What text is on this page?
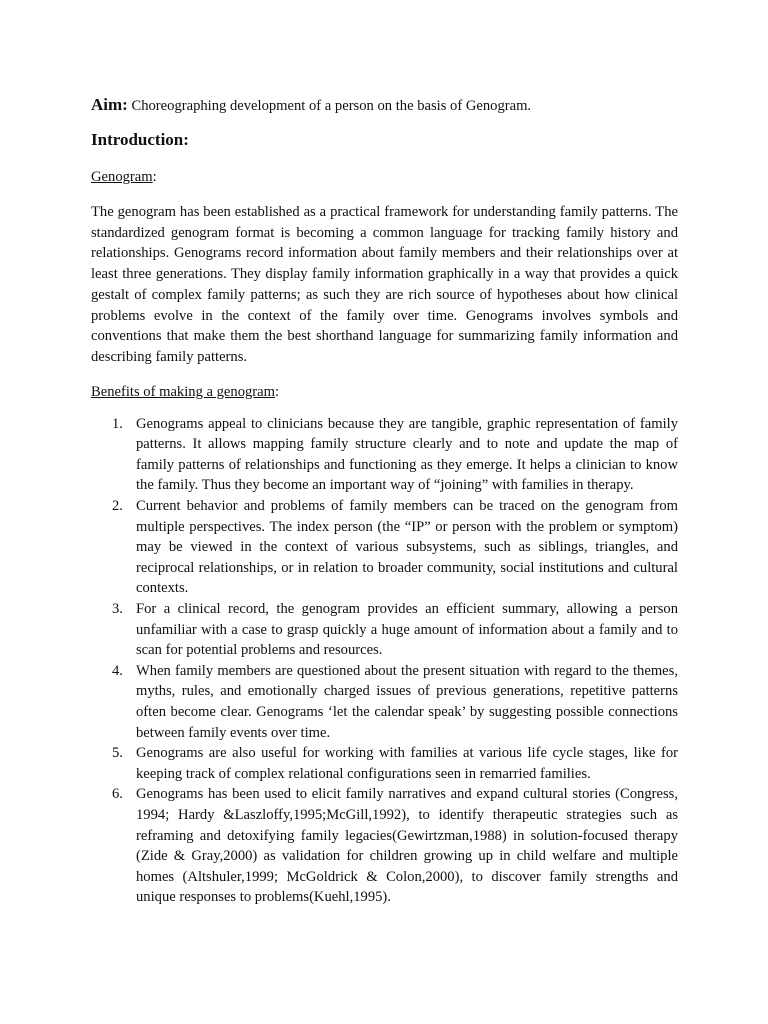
Aim: Choreographing development of a person on the basis of Genogram.

Introduction:

Genogram:

The genogram has been established as a practical framework for understanding family patterns. The standardized genogram format is becoming a common language for tracking family history and relationships. Genograms record information about family members and their relationships over at least three generations. They display family information graphically in a way that provides a quick gestalt of complex family patterns; as such they are rich source of hypotheses about how clinical problems evolve in the context of the family over time. Genograms involves symbols and conventions that make them the best shorthand language for summarizing family information and describing family patterns.

Benefits of making a genogram:

1. Genograms appeal to clinicians because they are tangible, graphic representation of family patterns. It allows mapping family structure clearly and to note and update the map of family patterns of relationships and functioning as they emerge. It helps a clinician to know the family. Thus they become an important way of “joining” with families in therapy.
2. Current behavior and problems of family members can be traced on the genogram from multiple perspectives. The index person (the “IP” or person with the problem or symptom) may be viewed in the context of various subsystems, such as siblings, triangles, and reciprocal relationships, or in relation to broader community, social institutions and cultural contexts.
3. For a clinical record, the genogram provides an efficient summary, allowing a person unfamiliar with a case to grasp quickly a huge amount of information about a family and to scan for potential problems and resources.
4. When family members are questioned about the present situation with regard to the themes, myths, rules, and emotionally charged issues of previous generations, repetitive patterns often become clear. Genograms ‘let the calendar speak’ by suggesting possible connections between family events over time.
5. Genograms are also useful for working with families at various life cycle stages, like for keeping track of complex relational configurations seen in remarried families.
6. Genograms has been used to elicit family narratives and expand cultural stories (Congress, 1994; Hardy &Laszloffy,1995;McGill,1992), to identify therapeutic strategies such as reframing and detoxifying family legacies(Gewirtzman,1988) in solution-focused therapy (Zide & Gray,2000) as validation for children growing up in child welfare and multiple homes (Altshuler,1999; McGoldrick & Colon,2000), to discover family strengths and unique responses to problems(Kuehl,1995).
